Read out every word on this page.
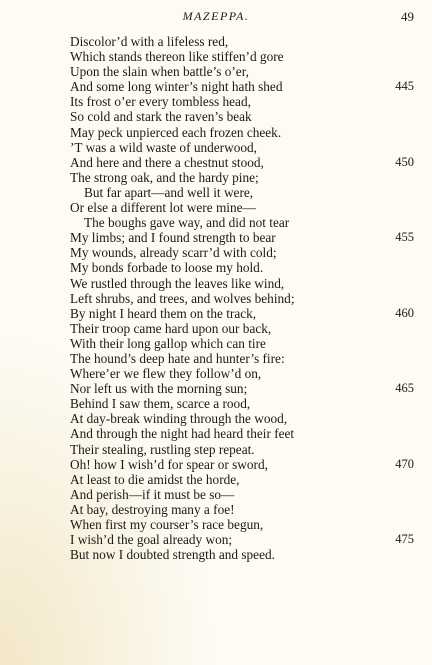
MAZEPPA.	49
Discolor’d with a lifeless red,
Which stands thereon like stiffen’d gore
Upon the slain when battle’s o’er,
And some long winter’s night hath shed	445
Its frost o’er every tombless head,
So cold and stark the raven’s beak
May peck unpierced each frozen cheek.
’T was a wild waste of underwood,
And here and there a chestnut stood,	450
The strong oak, and the hardy pine;
But far apart—and well it were,
Or else a different lot were mine—
The boughs gave way, and did not tear
My limbs; and I found strength to bear	455
My wounds, already scarr’d with cold;
My bonds forbade to loose my hold.
We rustled through the leaves like wind,
Left shrubs, and trees, and wolves behind;
By night I heard them on the track,	460
Their troop came hard upon our back,
With their long gallop which can tire
The hound’s deep hate and hunter’s fire:
Where’er we flew they follow’d on,
Nor left us with the morning sun;	465
Behind I saw them, scarce a rood,
At day-break winding through the wood,
And through the night had heard their feet
Their stealing, rustling step repeat.
Oh! how I wish’d for spear or sword,	470
At least to die amidst the horde,
And perish—if it must be so—
At bay, destroying many a foe!
When first my courser’s race begun,
I wish’d the goal already won;	475
But now I doubted strength and speed.
